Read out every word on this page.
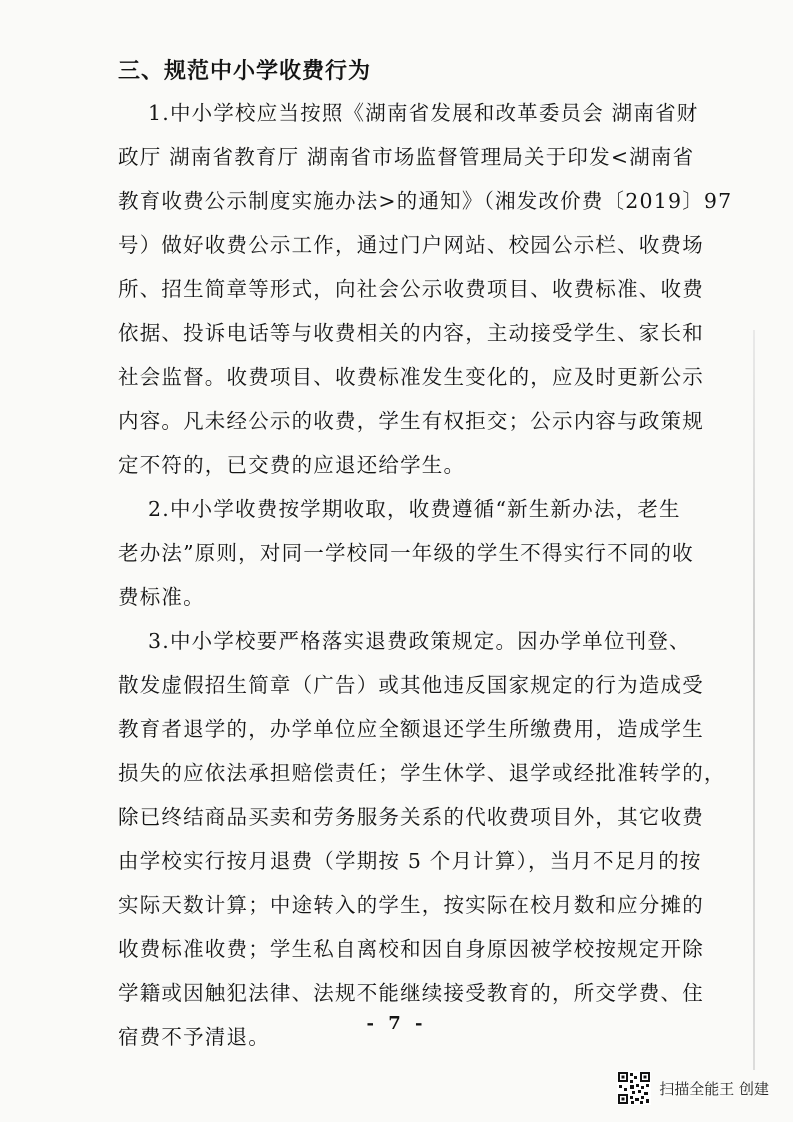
三、规范中小学收费行为
1.中小学校应当按照《湖南省发展和改革委员会 湖南省财
政厅 湖南省教育厅 湖南省市场监督管理局关于印发<湖南省
教育收费公示制度实施办法>的通知》（湘发改价费〔2019〕97
号）做好收费公示工作，通过门户网站、校园公示栏、收费场
所、招生简章等形式，向社会公示收费项目、收费标准、收费
依据、投诉电话等与收费相关的内容，主动接受学生、家长和
社会监督。收费项目、收费标准发生变化的，应及时更新公示
内容。凡未经公示的收费，学生有权拒交；公示内容与政策规
定不符的，已交费的应退还给学生。
2.中小学收费按学期收取，收费遵循“新生新办法，老生
老办法”原则，对同一学校同一年级的学生不得实行不同的收
费标准。
3.中小学校要严格落实退费政策规定。因办学单位刊登、
散发虚假招生简章（广告）或其他违反国家规定的行为造成受
教育者退学的，办学单位应全额退还学生所缴费用，造成学生
损失的应依法承担赔偿责任；学生休学、退学或经批准转学的，
除已终结商品买卖和劳务服务关系的代收费项目外，其它收费
由学校实行按月退费（学期按 5 个月计算），当月不足月的按
实际天数计算；中途转入的学生，按实际在校月数和应分摊的
收费标准收费；学生私自离校和因自身原因被学校按规定开除
学籍或因触犯法律、法规不能继续接受教育的，所交学费、住
宿费不予清退。
- 7 -
扫描全能王 创建
